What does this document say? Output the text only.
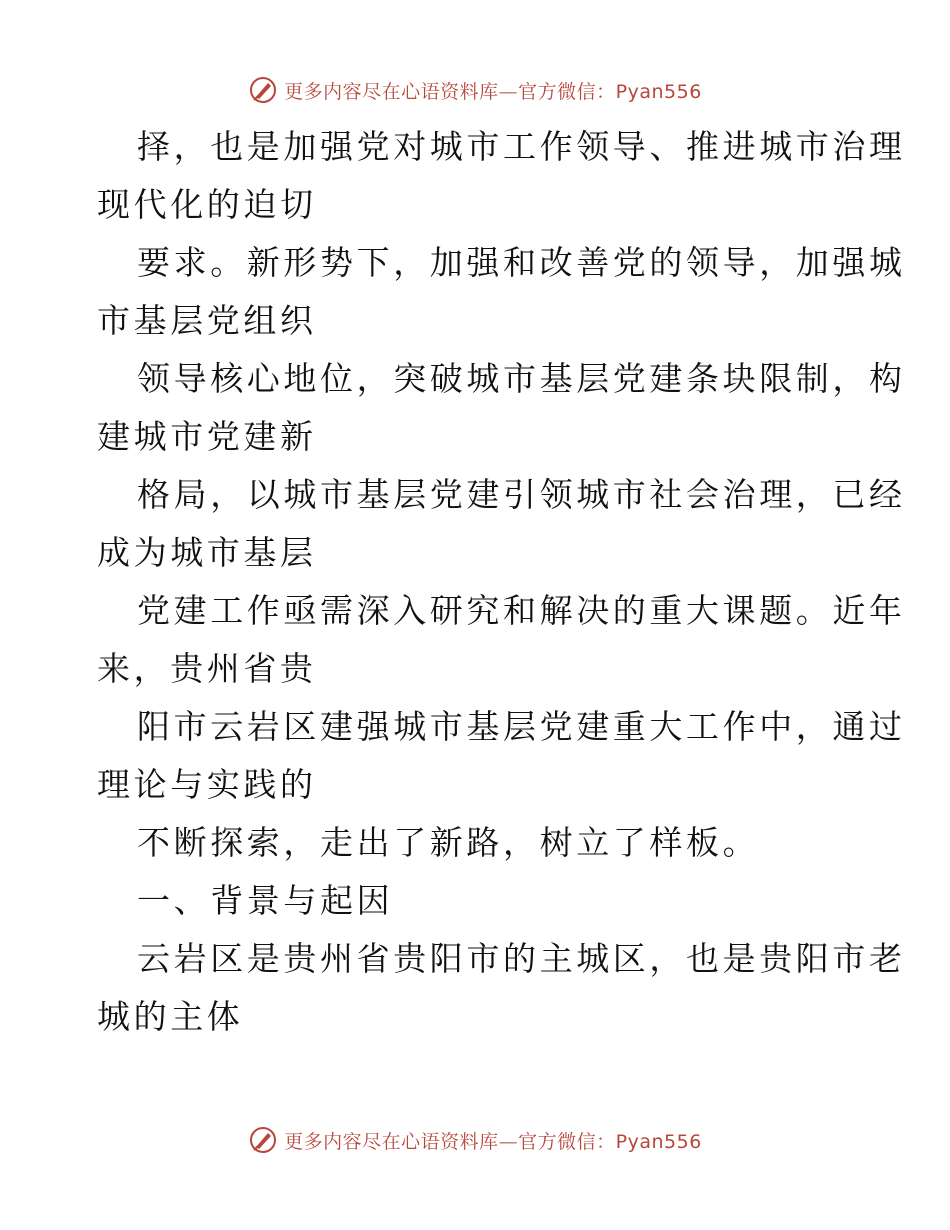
更多内容尽在心语资料库—官方微信：Pyan556
择，也是加强党对城市工作领导、推进城市治理
现代化的迫切
要求。新形势下，加强和改善党的领导，加强城
市基层党组织
领导核心地位，突破城市基层党建条块限制，构
建城市党建新
格局，以城市基层党建引领城市社会治理，已经
成为城市基层
党建工作亟需深入研究和解决的重大课题。近年
来，贵州省贵
阳市云岩区建强城市基层党建重大工作中，通过
理论与实践的
不断探索，走出了新路，树立了样板。
一、背景与起因
云岩区是贵州省贵阳市的主城区，也是贵阳市老
城的主体
更多内容尽在心语资料库—官方微信：Pyan556
